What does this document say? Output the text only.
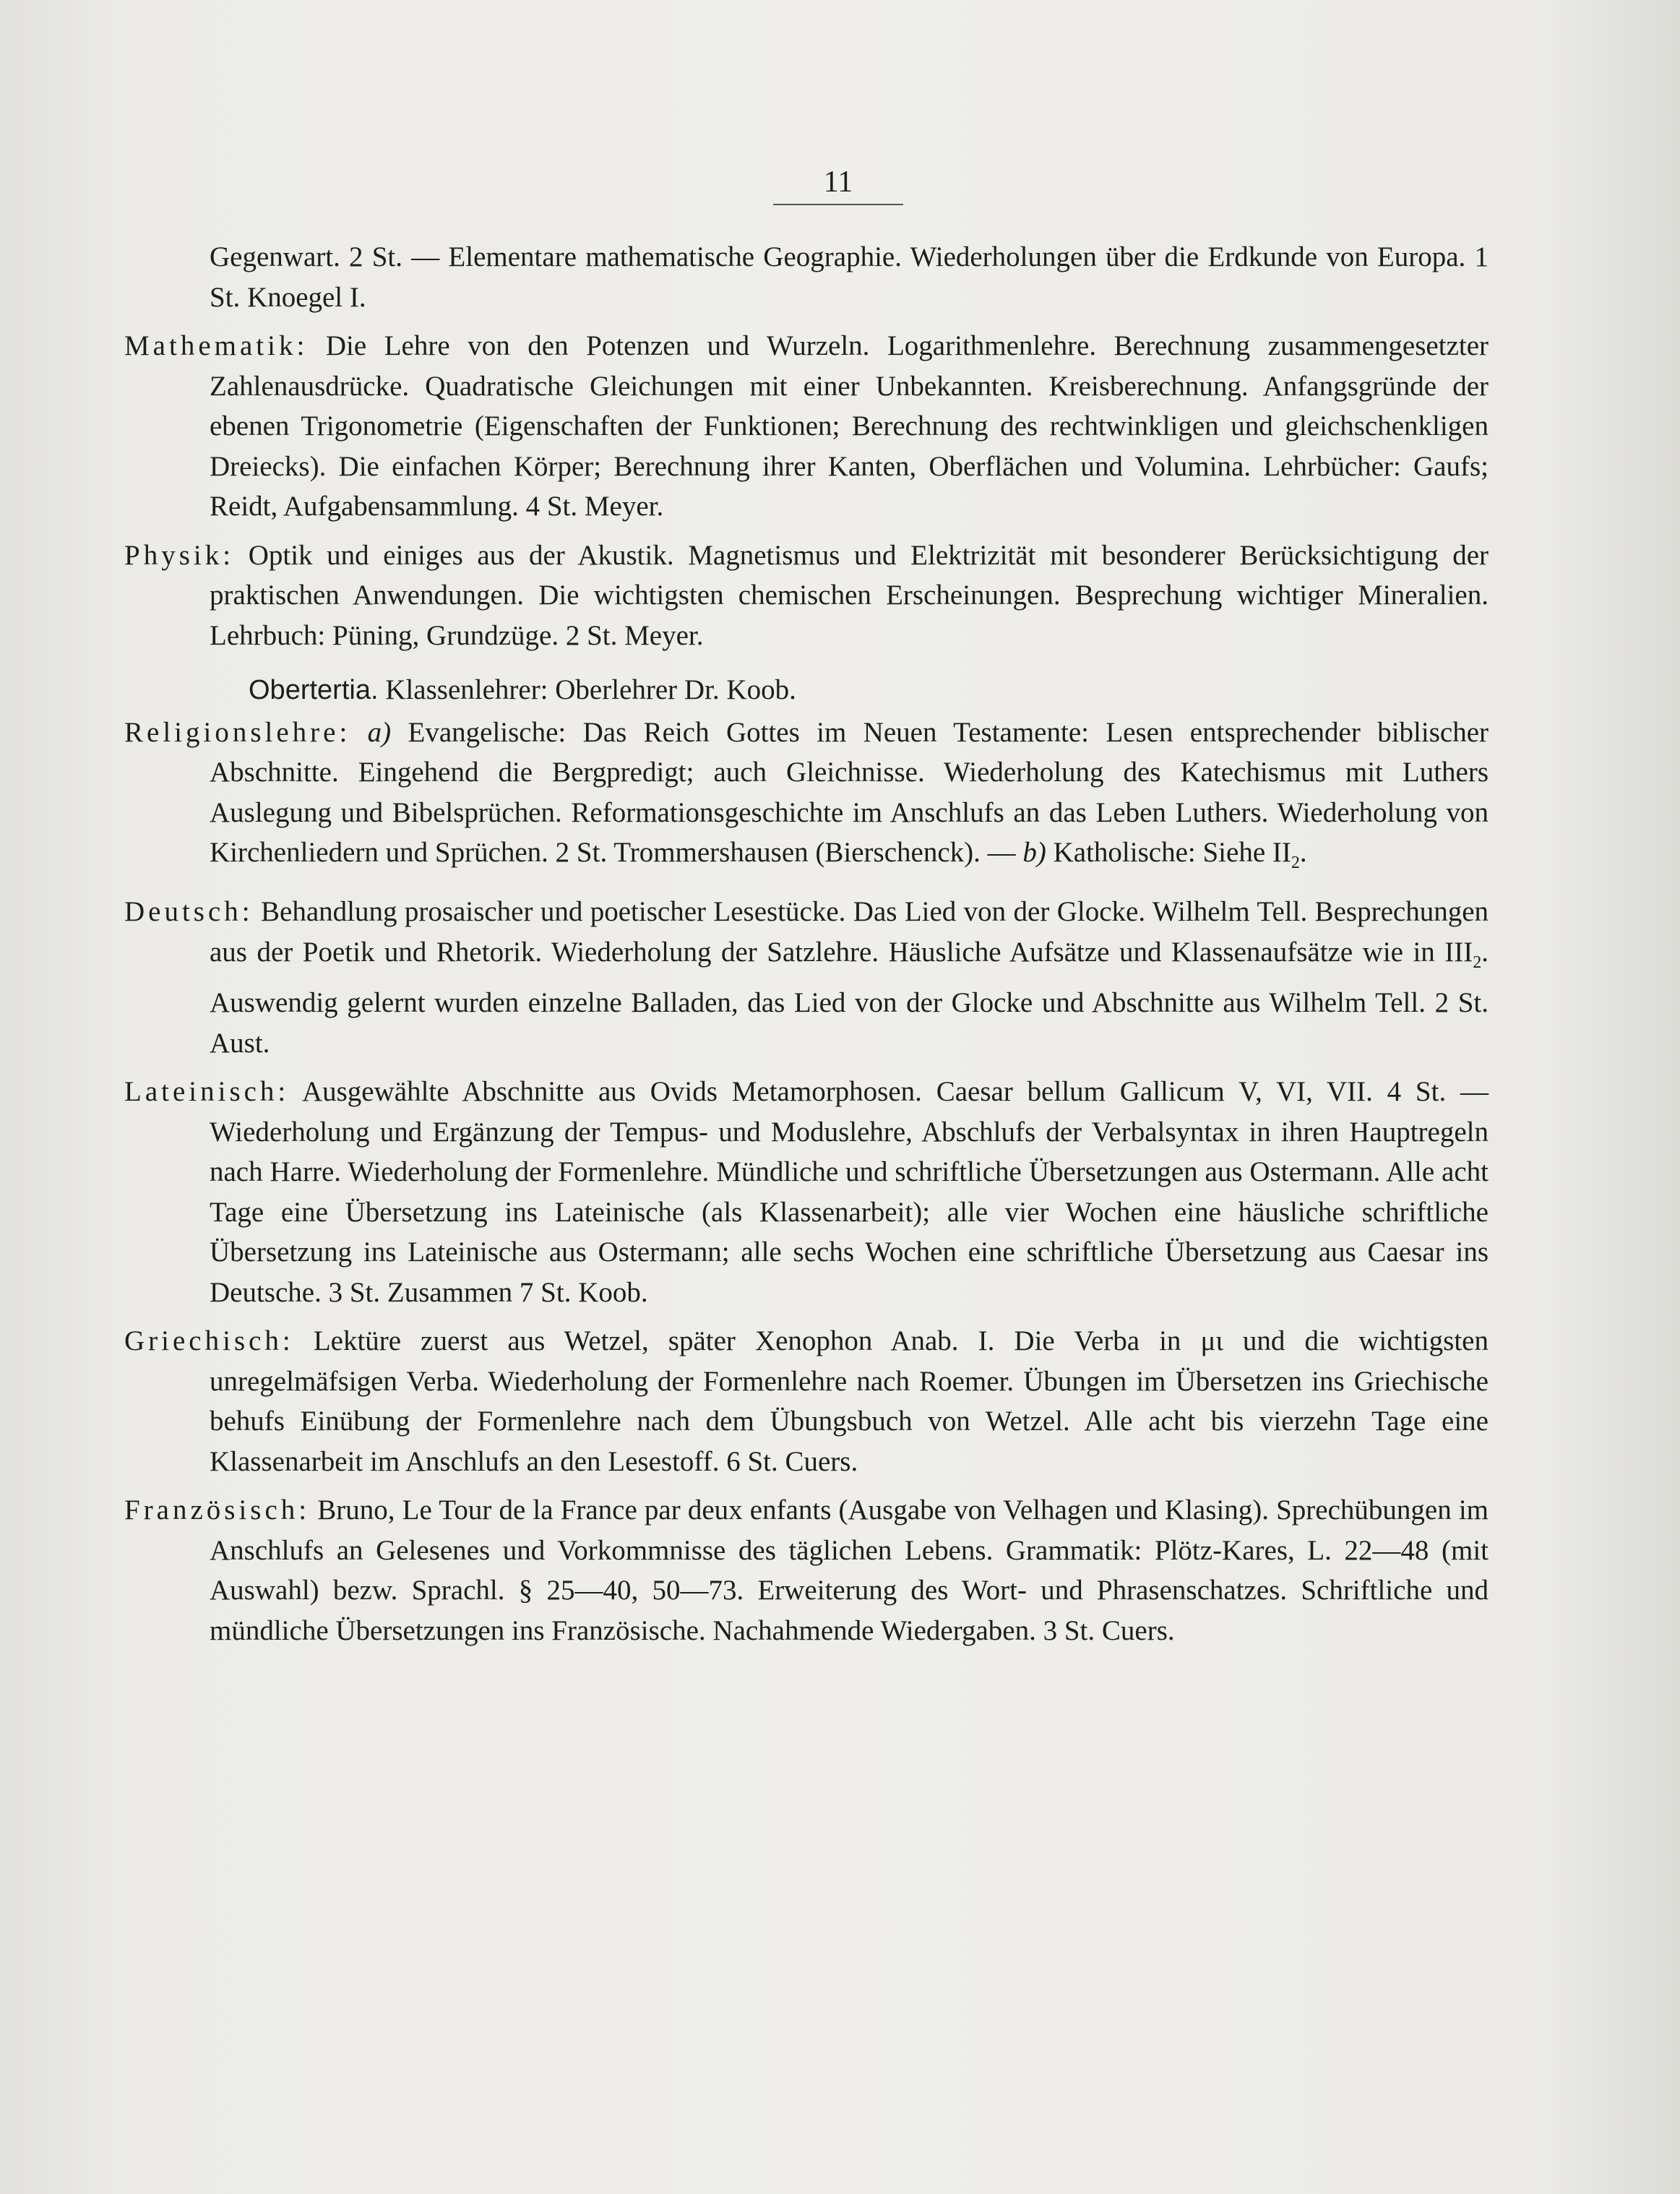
11

Gegenwart. 2 St. — Elementare mathematische Geographie. Wiederholungen über die Erdkunde von Europa. 1 St. Knoegel I.

Mathematik: Die Lehre von den Potenzen und Wurzeln. Logarithmenlehre. Berechnung zusammengesetzter Zahlenausdrücke. Quadratische Gleichungen mit einer Unbekannten. Kreisberechnung. Anfangsgründe der ebenen Trigonometrie (Eigenschaften der Funktionen; Berechnung des rechtwinkligen und gleichschenkligen Dreiecks). Die einfachen Körper; Berechnung ihrer Kanten, Oberflächen und Volumina. Lehrbücher: Gaufs; Reidt, Aufgabensammlung. 4 St. Meyer.

Physik: Optik und einiges aus der Akustik. Magnetismus und Elektrizität mit besonderer Berücksichtigung der praktischen Anwendungen. Die wichtigsten chemischen Erscheinungen. Besprechung wichtiger Mineralien. Lehrbuch: Püning, Grundzüge. 2 St. Meyer.

Obertertia. Klassenlehrer: Oberlehrer Dr. Koob.

Religionslehre: a) Evangelische: Das Reich Gottes im Neuen Testamente: Lesen entsprechender biblischer Abschnitte. Eingehend die Bergpredigt; auch Gleichnisse. Wiederholung des Katechismus mit Luthers Auslegung und Bibelsprüchen. Reformationsgeschichte im Anschlufs an das Leben Luthers. Wiederholung von Kirchenliedern und Sprüchen. 2 St. Trommershausen (Bierschenck). — b) Katholische: Siehe $II_2$.

Deutsch: Behandlung prosaischer und poetischer Lesestücke. Das Lied von der Glocke. Wilhelm Tell. Besprechungen aus der Poetik und Rhetorik. Wiederholung der Satzlehre. Häusliche Aufsätze und Klassenaufsätze wie in $III_2$. Auswendig gelernt wurden einzelne Balladen, das Lied von der Glocke und Abschnitte aus Wilhelm Tell. 2 St. Aust.

Lateinisch: Ausgewählte Abschnitte aus Ovids Metamorphosen. Caesar bellum Gallicum V, VI, VII. 4 St. — Wiederholung und Ergänzung der Tempus- und Moduslehre, Abschlufs der Verbalsyntax in ihren Hauptregeln nach Harre. Wiederholung der Formenlehre. Mündliche und schriftliche Übersetzungen aus Ostermann. Alle acht Tage eine Übersetzung ins Lateinische (als Klassenarbeit); alle vier Wochen eine häusliche schriftliche Übersetzung ins Lateinische aus Ostermann; alle sechs Wochen eine schriftliche Übersetzung aus Caesar ins Deutsche. 3 St. Zusammen 7 St. Koob.

Griechisch: Lektüre zuerst aus Wetzel, später Xenophon Anab. I. Die Verba in μι und die wichtigsten unregelmäfsigen Verba. Wiederholung der Formenlehre nach Roemer. Übungen im Übersetzen ins Griechische behufs Einübung der Formenlehre nach dem Übungsbuch von Wetzel. Alle acht bis vierzehn Tage eine Klassenarbeit im Anschlufs an den Lesestoff. 6 St. Cuers.

Französisch: Bruno, Le Tour de la France par deux enfants (Ausgabe von Velhagen und Klasing). Sprechübungen im Anschlufs an Gelesenes und Vorkommnisse des täglichen Lebens. Grammatik: Plötz-Kares, L. 22—48 (mit Auswahl) bezw. Sprachl. § 25—40, 50—73. Erweiterung des Wort- und Phrasenschatzes. Schriftliche und mündliche Übersetzungen ins Französische. Nachahmende Wiedergaben. 3 St. Cuers.
